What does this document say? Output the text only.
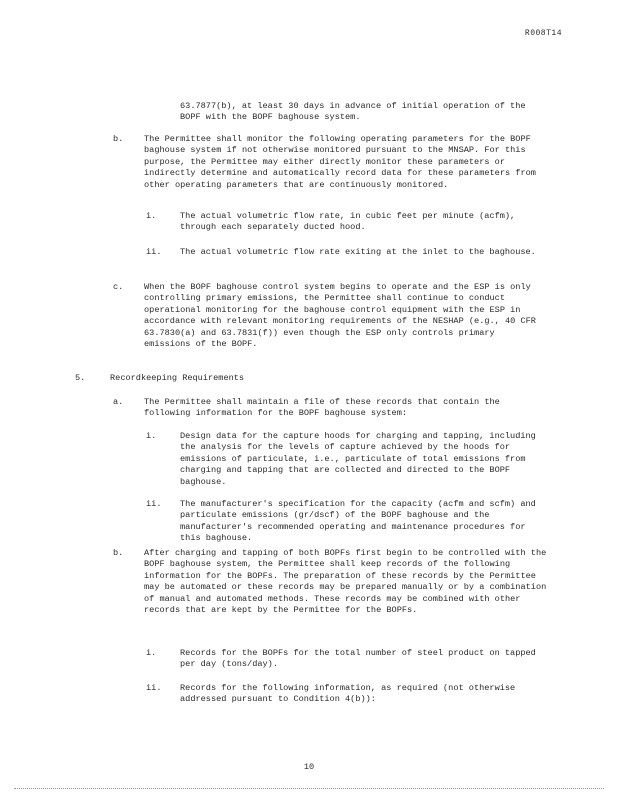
R008T14

63.7877(b), at least 30 days in advance of initial operation of the BOPF with the BOPF baghouse system.

b. The Permittee shall monitor the following operating parameters for the BOPF baghouse system if not otherwise monitored pursuant to the MNSAP. For this purpose, the Permittee may either directly monitor these parameters or indirectly determine and automatically record data for these parameters from other operating parameters that are continuously monitored.

i.	The actual volumetric flow rate, in cubic feet per minute (acfm), through each separately ducted hood.

ii. The actual volumetric flow rate exiting at the inlet to the baghouse.

c. When the BOPF baghouse control system begins to operate and the ESP is only controlling primary emissions, the Permittee shall continue to conduct operational monitoring for the baghouse control equipment with the ESP in accordance with relevant monitoring requirements of the NESHAP (e.g., 40 CFR 63.7830(a) and 63.7831(f)) even though the ESP only controls primary emissions of the BOPF.

5.	Recordkeeping Requirements

a. The Permittee shall maintain a file of these records that contain the following information for the BOPF baghouse system:

i.	Design data for the capture hoods for charging and tapping, including the analysis for the levels of capture achieved by the hoods for emissions of particulate, i.e., particulate of total emissions from charging and tapping that are collected and directed to the BOPF baghouse.

ii. The manufacturer's specification for the capacity (acfm and scfm) and particulate emissions (gr/dscf) of the BOPF baghouse and the manufacturer's recommended operating and maintenance procedures for this baghouse.

b. After charging and tapping of both BOPFs first begin to be controlled with the BOPF baghouse system, the Permittee shall keep records of the following information for the BOPFs. The preparation of these records by the Permittee may be automated or these records may be prepared manually or by a combination of manual and automated methods. These records may be combined with other records that are kept by the Permittee for the BOPFs.

i.	Records for the BOPFs for the total number of steel product on tapped per day (tons/day).

ii. Records for the following information, as required (not otherwise addressed pursuant to Condition 4(b)):

10
